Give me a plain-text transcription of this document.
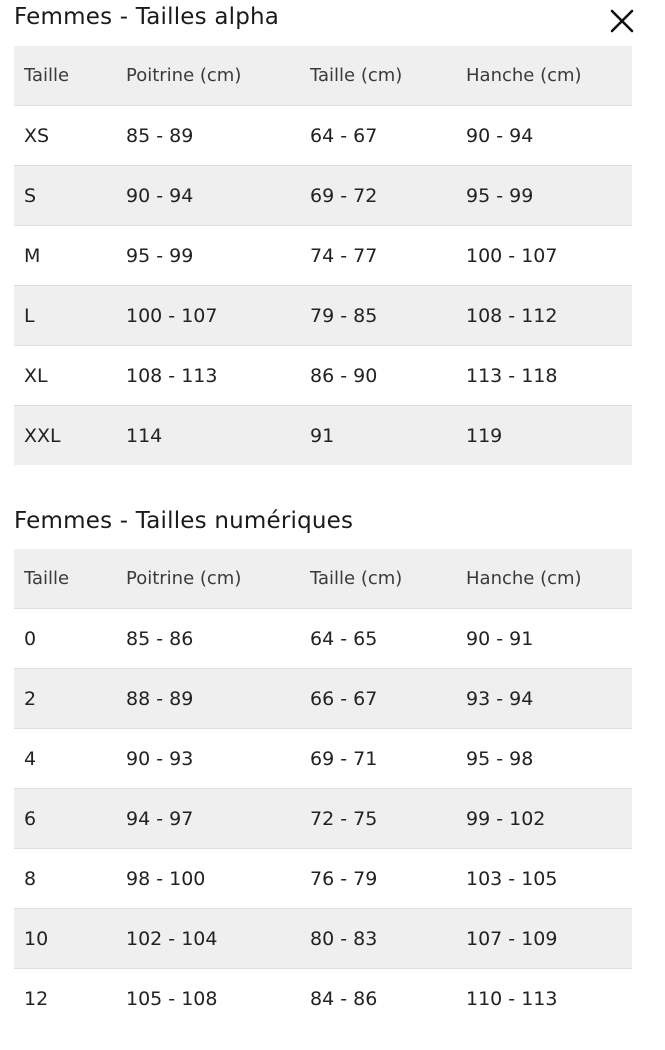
Femmes - Tailles alpha
Taille	Poitrine (cm)	Taille (cm)	Hanche (cm)
XS	85 - 89	64 - 67	90 - 94
S	90 - 94	69 - 72	95 - 99
M	95 - 99	74 - 77	100 - 107
L	100 - 107	79 - 85	108 - 112
XL	108 - 113	86 - 90	113 - 118
XXL	114	91	119
Femmes - Tailles numériques
Taille	Poitrine (cm)	Taille (cm)	Hanche (cm)
0	85 - 86	64 - 65	90 - 91
2	88 - 89	66 - 67	93 - 94
4	90 - 93	69 - 71	95 - 98
6	94 - 97	72 - 75	99 - 102
8	98 - 100	76 - 79	103 - 105
10	102 - 104	80 - 83	107 - 109
12	105 - 108	84 - 86	110 - 113
